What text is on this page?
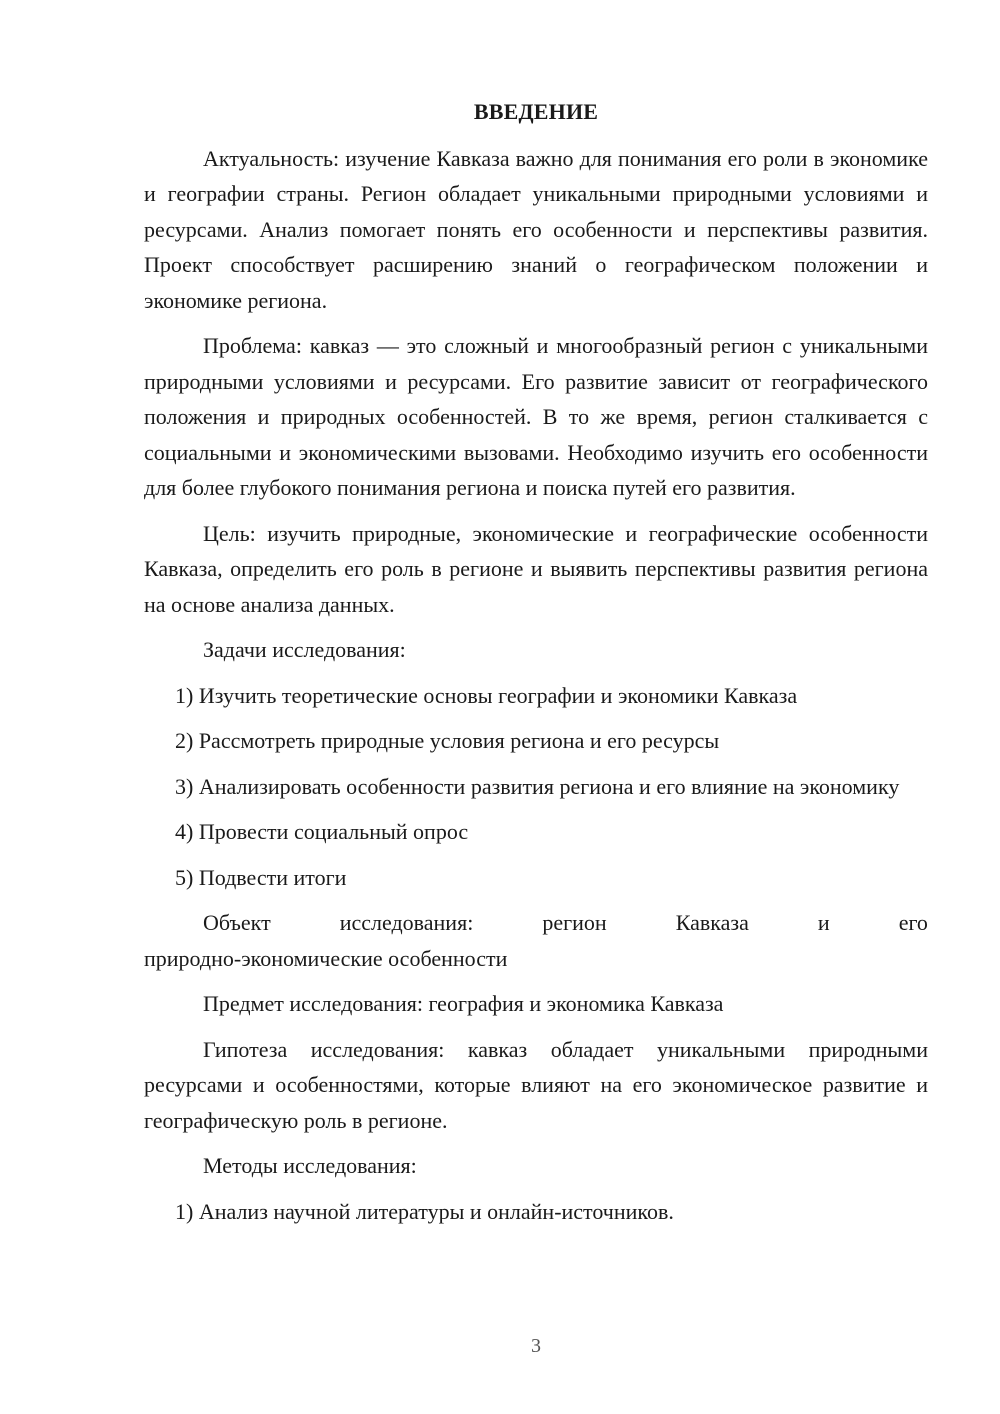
ВВЕДЕНИЕ

Актуальность: изучение Кавказа важно для понимания его роли в экономике и географии страны. Регион обладает уникальными природными условиями и ресурсами. Анализ помогает понять его особенности и перспективы развития. Проект способствует расширению знаний о географическом положении и экономике региона.

Проблема: кавказ — это сложный и многообразный регион с уникальными природными условиями и ресурсами. Его развитие зависит от географического положения и природных особенностей. В то же время, регион сталкивается с социальными и экономическими вызовами. Необходимо изучить его особенности для более глубокого понимания региона и поиска путей его развития.

Цель: изучить природные, экономические и географические особенности Кавказа, определить его роль в регионе и выявить перспективы развития региона на основе анализа данных.

Задачи исследования:

1) Изучить теоретические основы географии и экономики Кавказа

2) Рассмотреть природные условия региона и его ресурсы

3) Анализировать особенности развития региона и его влияние на экономику

4) Провести социальный опрос

5) Подвести итоги

Объект	исследования:	регион	Кавказа	и	его
природно-экономические особенности

Предмет исследования: география и экономика Кавказа

Гипотеза исследования: кавказ обладает уникальными природными ресурсами и особенностями, которые влияют на его экономическое развитие и географическую роль в регионе.

Методы исследования:

1) Анализ научной литературы и онлайн-источников.

3
